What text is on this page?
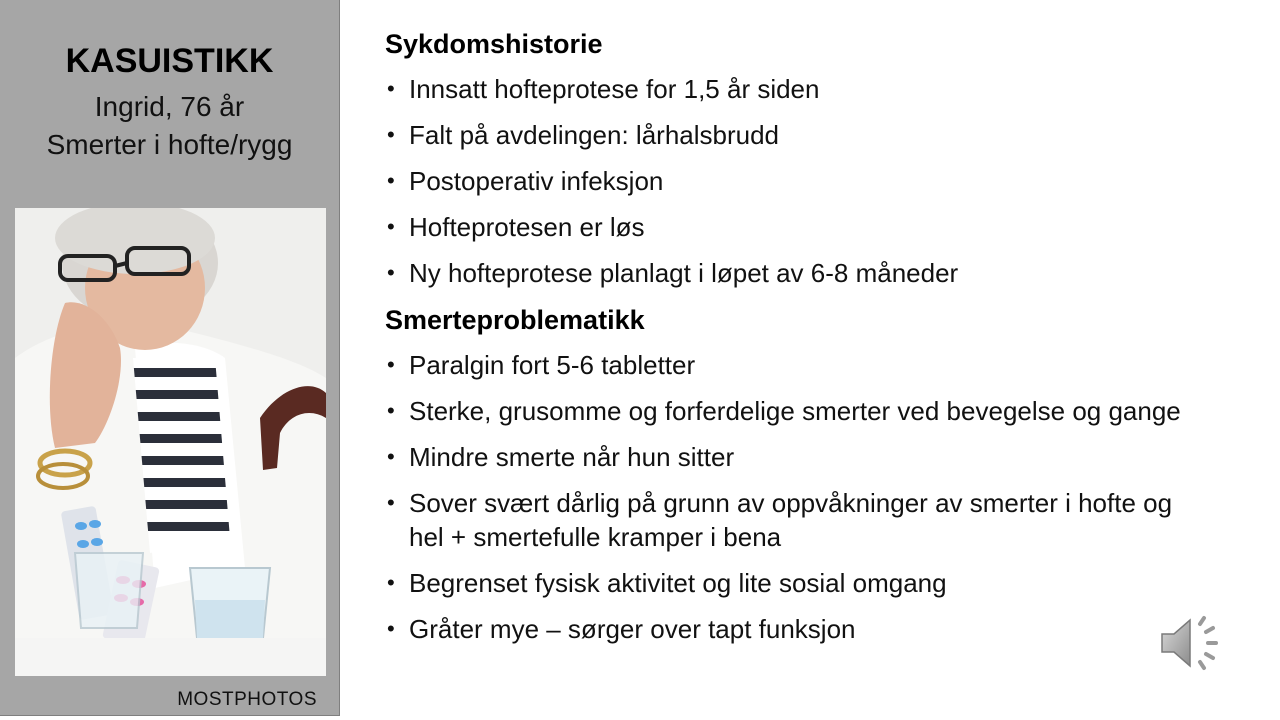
KASUISTIKK
Ingrid, 76 år
Smerter i hofte/rygg
MOSTPHOTOS
Sykdomshistorie
• Innsatt hofteprotese for 1,5 år siden
• Falt på avdelingen: lårhalsbrudd
• Postoperativ infeksjon
• Hofteprotesen er løs
• Ny hofteprotese planlagt i løpet av 6-8 måneder
Smerteproblematikk
• Paralgin fort 5-6 tabletter
• Sterke, grusomme og forferdelige smerter ved bevegelse og gange
• Mindre smerte når hun sitter
• Sover svært dårlig på grunn av oppvåkninger av smerter i hofte og hel + smertefulle kramper i bena
• Begrenset fysisk aktivitet og lite sosial omgang
• Gråter mye – sørger over tapt funksjon
